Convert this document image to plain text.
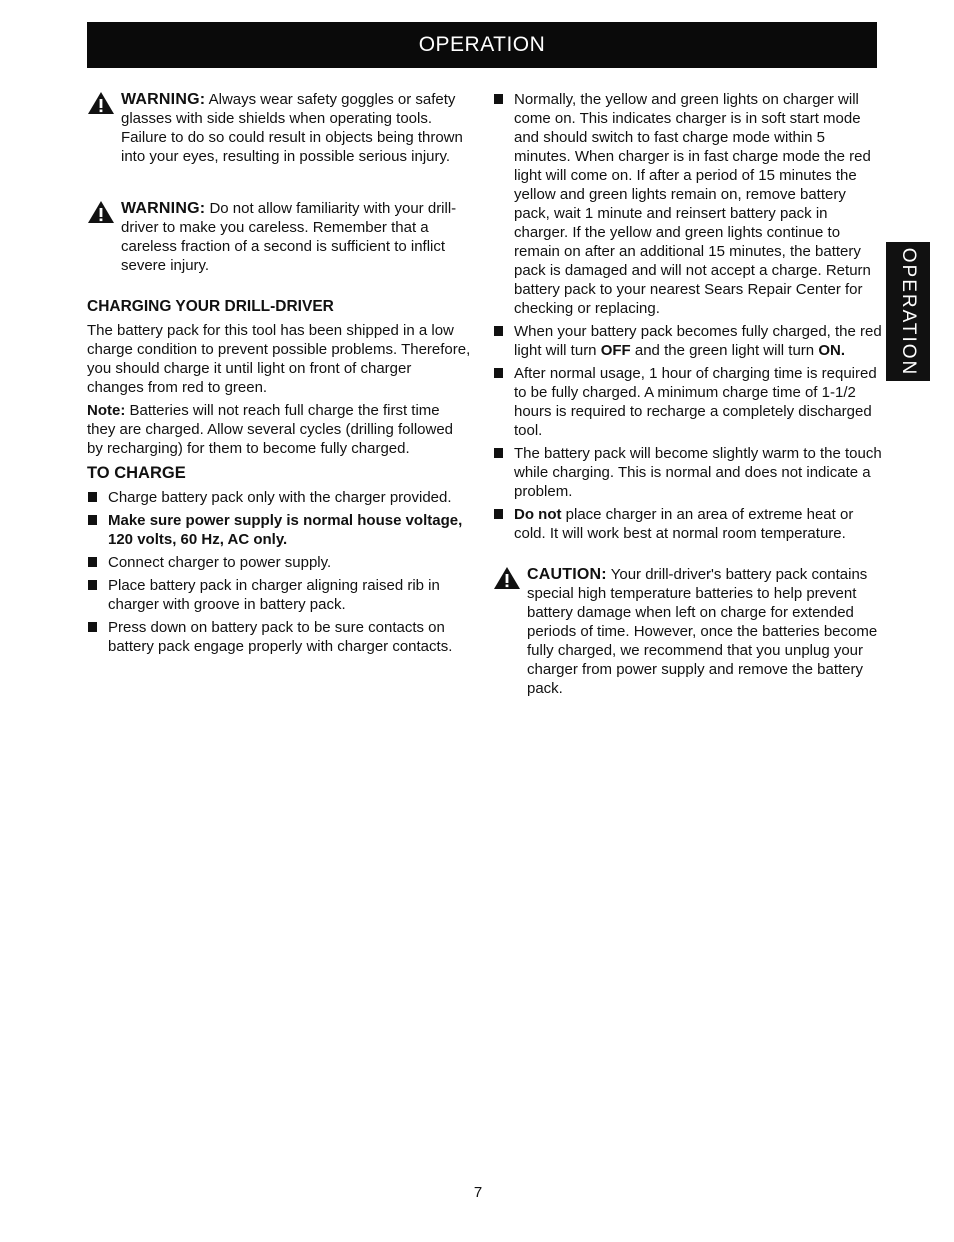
OPERATION

WARNING: Always wear safety goggles or safety glasses with side shields when operating tools. Failure to do so could result in objects being thrown into your eyes, resulting in possible serious injury.

WARNING: Do not allow familiarity with your drill-driver to make you careless. Remember that a careless fraction of a second is sufficient to inflict severe injury.

CHARGING YOUR DRILL-DRIVER

The battery pack for this tool has been shipped in a low charge condition to prevent possible problems. Therefore, you should charge it until light on front of charger changes from red to green.

Note: Batteries will not reach full charge the first time they are charged. Allow several cycles (drilling followed by recharging) for them to become fully charged.

TO CHARGE
Charge battery pack only with the charger provided.
Make sure power supply is normal house voltage, 120 volts, 60 Hz, AC only.
Connect charger to power supply.
Place battery pack in charger aligning raised rib in charger with groove in battery pack.
Press down on battery pack to be sure contacts on battery pack engage properly with charger contacts.
Normally, the yellow and green lights on charger will come on. This indicates charger is in soft start mode and should switch to fast charge mode within 5 minutes. When charger is in fast charge mode the red light will come on. If after a period of 15 minutes the yellow and green lights remain on, remove battery pack, wait 1 minute and reinsert battery pack in charger. If the yellow and green lights continue to remain on after an additional 15 minutes, the battery pack is damaged and will not accept a charge. Return battery pack to your nearest Sears Repair Center for checking or replacing.
When your battery pack becomes fully charged, the red light will turn OFF and the green light will turn ON.
After normal usage, 1 hour of charging time is required to be fully charged. A minimum charge time of 1-1/2 hours is required to recharge a completely discharged tool.
The battery pack will become slightly warm to the touch while charging. This is normal and does not indicate a problem.
Do not place charger in an area of extreme heat or cold. It will work best at normal room temperature.

CAUTION: Your drill-driver's battery pack contains special high temperature batteries to help prevent battery damage when left on charge for extended periods of time. However, once the batteries become fully charged, we recommend that you unplug your charger from power supply and remove the battery pack.

OPERATION
7
